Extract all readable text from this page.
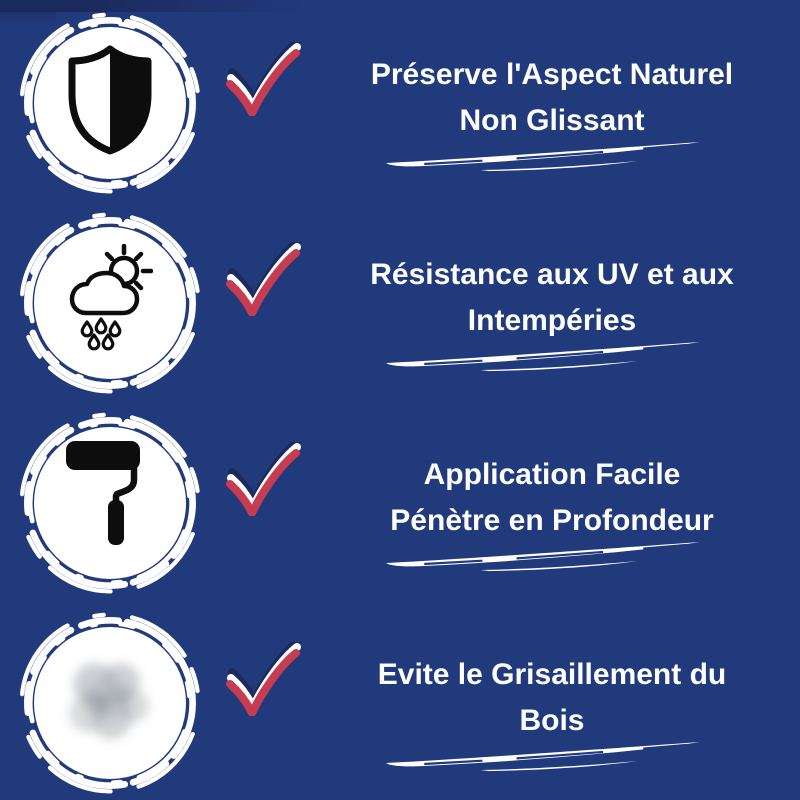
Préserve l'Aspect Naturel
Non Glissant
Résistance aux UV et aux
Intempéries
Application Facile
Pénètre en Profondeur
Evite le Grisaillement du
Bois
